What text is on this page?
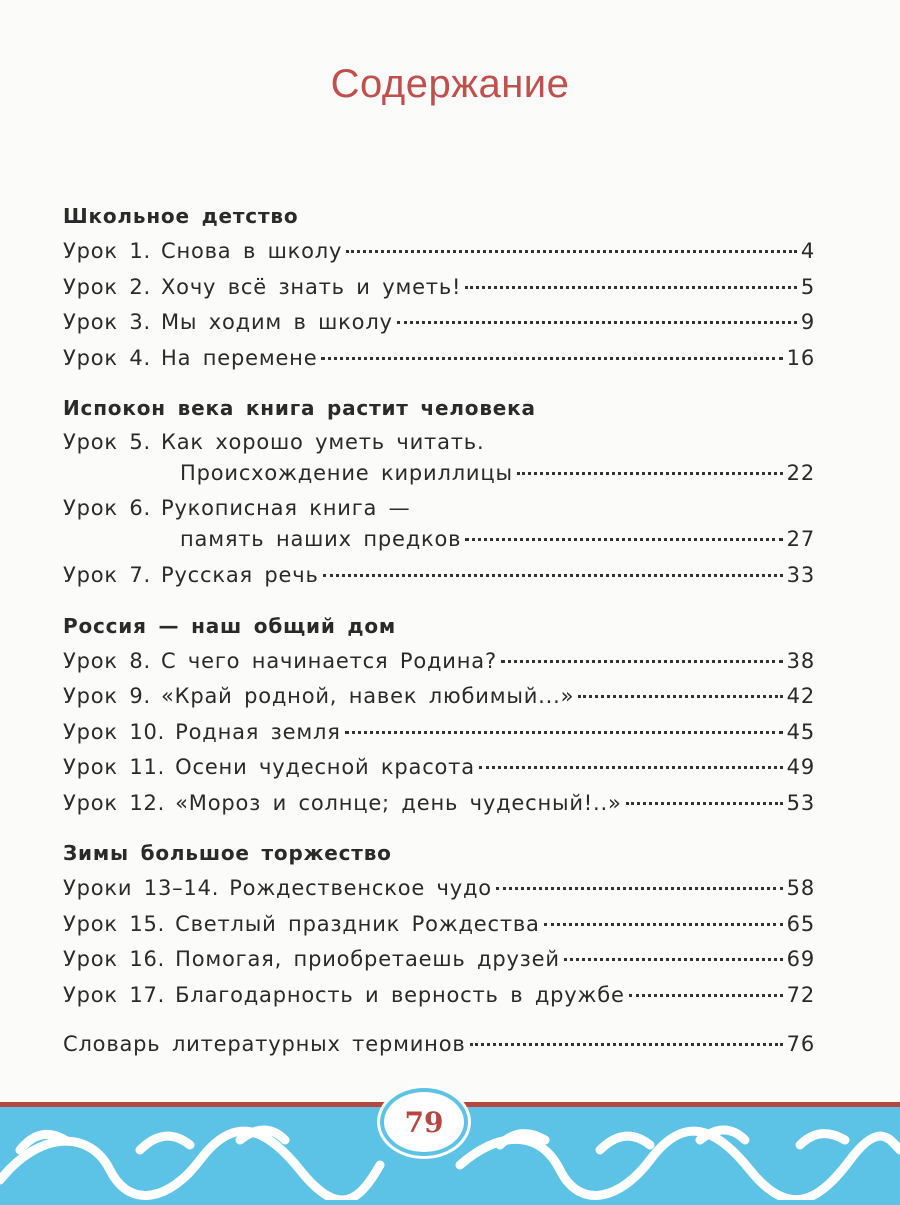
Содержание
Школьное детство
Урок 1. Снова в школу	4
Урок 2. Хочу всё знать и уметь!	5
Урок 3. Мы ходим в школу	9
Урок 4. На перемене	16
Испокон века книга растит человека
Урок 5. Как хорошо уметь читать.
Происхождение кириллицы	22
Урок 6. Рукописная книга —
память наших предков	27
Урок 7. Русская речь	33
Россия — наш общий дом
Урок 8. С чего начинается Родина?	38
Урок 9. «Край родной, навек любимый...»	42
Урок 10. Родная земля	45
Урок 11. Осени чудесной красота	49
Урок 12. «Мороз и солнце; день чудесный!..»	53
Зимы большое торжество
Уроки 13–14. Рождественское чудо	58
Урок 15. Светлый праздник Рождества	65
Урок 16. Помогая, приобретаешь друзей	69
Урок 17. Благодарность и верность в дружбе	72
Словарь литературных терминов	76
79
